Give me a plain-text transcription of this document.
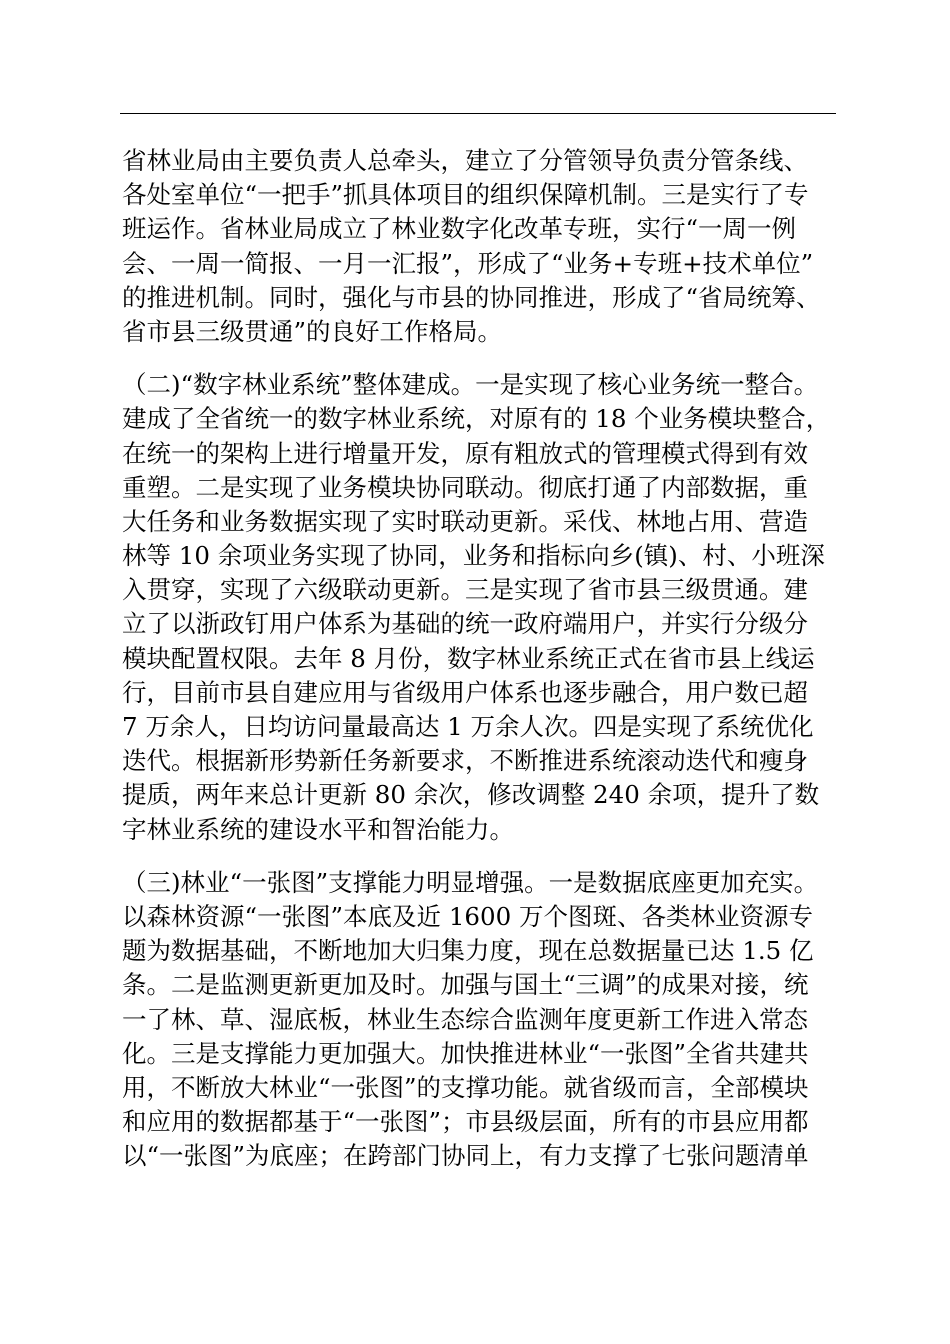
省林业局由主要负责人总牵头，建立了分管领导负责分管条线、
各处室单位“一把手”抓具体项目的组织保障机制。三是实行了专
班运作。省林业局成立了林业数字化改革专班，实行“一周一例
会、一周一简报、一月一汇报”，形成了“业务+专班+技术单位”
的推进机制。同时，强化与市县的协同推进，形成了“省局统筹、
省市县三级贯通”的良好工作格局。

（二)“数字林业系统”整体建成。一是实现了核心业务统一整合。
建成了全省统一的数字林业系统，对原有的 18 个业务模块整合，
在统一的架构上进行增量开发，原有粗放式的管理模式得到有效
重塑。二是实现了业务模块协同联动。彻底打通了内部数据，重
大任务和业务数据实现了实时联动更新。采伐、林地占用、营造
林等 10 余项业务实现了协同，业务和指标向乡(镇)、村、小班深
入贯穿，实现了六级联动更新。三是实现了省市县三级贯通。建
立了以浙政钉用户体系为基础的统一政府端用户，并实行分级分
模块配置权限。去年 8 月份，数字林业系统正式在省市县上线运
行，目前市县自建应用与省级用户体系也逐步融合，用户数已超
7 万余人，日均访问量最高达 1 万余人次。四是实现了系统优化
迭代。根据新形势新任务新要求，不断推进系统滚动迭代和瘦身
提质，两年来总计更新 80 余次，修改调整 240 余项，提升了数
字林业系统的建设水平和智治能力。

（三)林业“一张图”支撑能力明显增强。一是数据底座更加充实。
以森林资源“一张图”本底及近 1600 万个图斑、各类林业资源专
题为数据基础，不断地加大归集力度，现在总数据量已达 1.5 亿
条。二是监测更新更加及时。加强与国土“三调”的成果对接，统
一了林、草、湿底板，林业生态综合监测年度更新工作进入常态
化。三是支撑能力更加强大。加快推进林业“一张图”全省共建共
用，不断放大林业“一张图”的支撑功能。就省级而言，全部模块
和应用的数据都基于“一张图”；市县级层面，所有的市县应用都
以“一张图”为底座；在跨部门协同上，有力支撑了七张问题清单
